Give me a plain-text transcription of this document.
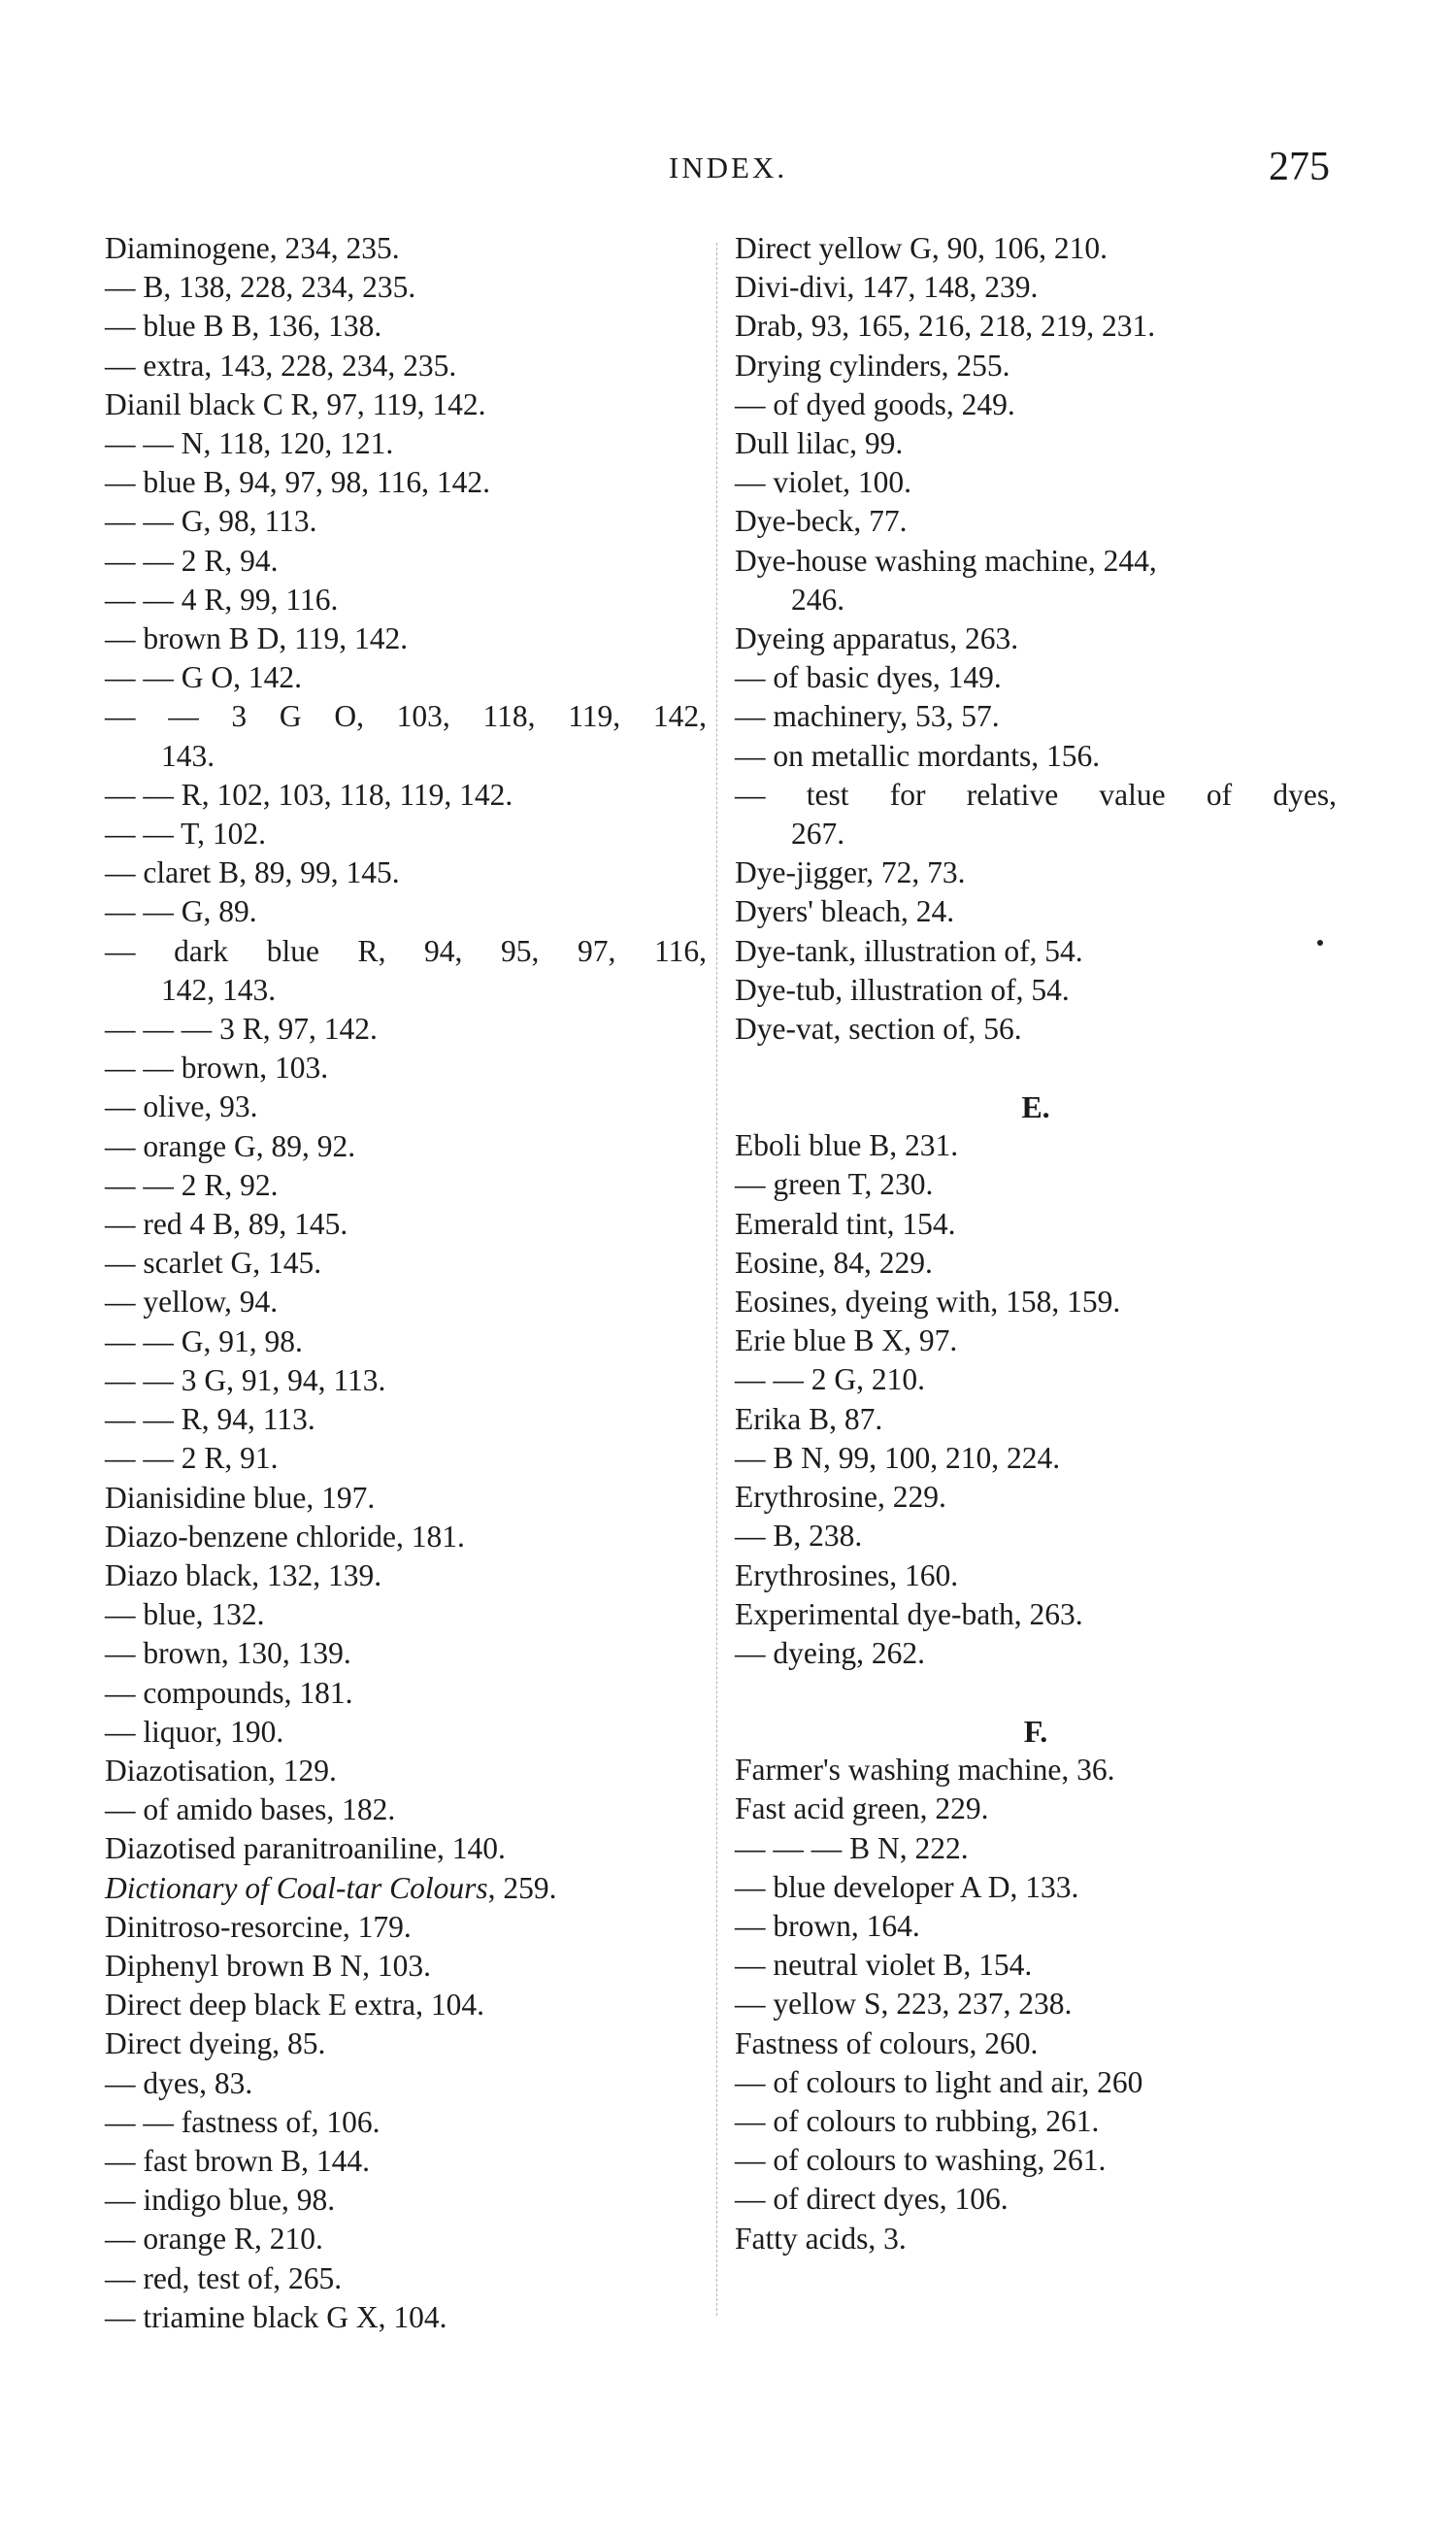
INDEX.	275
Diaminogene, 234, 235.
— B, 138, 228, 234, 235.
— blue B B, 136, 138.
— extra, 143, 228, 234, 235.
Dianil black C R, 97, 119, 142.
— — N, 118, 120, 121.
— blue B, 94, 97, 98, 116, 142.
— — G, 98, 113.
— — 2 R, 94.
— — 4 R, 99, 116.
— brown B D, 119, 142.
— — G O, 142.
— — 3 G O, 103, 118, 119, 142,
143.
— — R, 102, 103, 118, 119, 142.
— — T, 102.
— claret B, 89, 99, 145.
— — G, 89.
— dark blue R, 94, 95, 97, 116,
142, 143.
— — — 3 R, 97, 142.
— — brown, 103.
— olive, 93.
— orange G, 89, 92.
— — 2 R, 92.
— red 4 B, 89, 145.
— scarlet G, 145.
— yellow, 94.
— — G, 91, 98.
— — 3 G, 91, 94, 113.
— — R, 94, 113.
— — 2 R, 91.
Dianisidine blue, 197.
Diazo-benzene chloride, 181.
Diazo black, 132, 139.
— blue, 132.
— brown, 130, 139.
— compounds, 181.
— liquor, 190.
Diazotisation, 129.
— of amido bases, 182.
Diazotised paranitroaniline, 140.
Dictionary of Coal-tar Colours, 259.
Dinitroso-resorcine, 179.
Diphenyl brown B N, 103.
Direct deep black E extra, 104.
Direct dyeing, 85.
— dyes, 83.
— — fastness of, 106.
— fast brown B, 144.
— indigo blue, 98.
— orange R, 210.
— red, test of, 265.
— triamine black G X, 104.
Direct yellow G, 90, 106, 210.
Divi-divi, 147, 148, 239.
Drab, 93, 165, 216, 218, 219, 231.
Drying cylinders, 255.
— of dyed goods, 249.
Dull lilac, 99.
— violet, 100.
Dye-beck, 77.
Dye-house washing machine, 244,
246.
Dyeing apparatus, 263.
— of basic dyes, 149.
— machinery, 53, 57.
— on metallic mordants, 156.
— test for relative value of dyes,
267.
Dye-jigger, 72, 73.
Dyers' bleach, 24.
Dye-tank, illustration of, 54.
Dye-tub, illustration of, 54.
Dye-vat, section of, 56.
E.
Eboli blue B, 231.
— green T, 230.
Emerald tint, 154.
Eosine, 84, 229.
Eosines, dyeing with, 158, 159.
Erie blue B X, 97.
— — 2 G, 210.
Erika B, 87.
— B N, 99, 100, 210, 224.
Erythrosine, 229.
— B, 238.
Erythrosines, 160.
Experimental dye-bath, 263.
— dyeing, 262.
F.
Farmer's washing machine, 36.
Fast acid green, 229.
— — — B N, 222.
— blue developer A D, 133.
— brown, 164.
— neutral violet B, 154.
— yellow S, 223, 237, 238.
Fastness of colours, 260.
— of colours to light and air, 260
— of colours to rubbing, 261.
— of colours to washing, 261.
— of direct dyes, 106.
Fatty acids, 3.
